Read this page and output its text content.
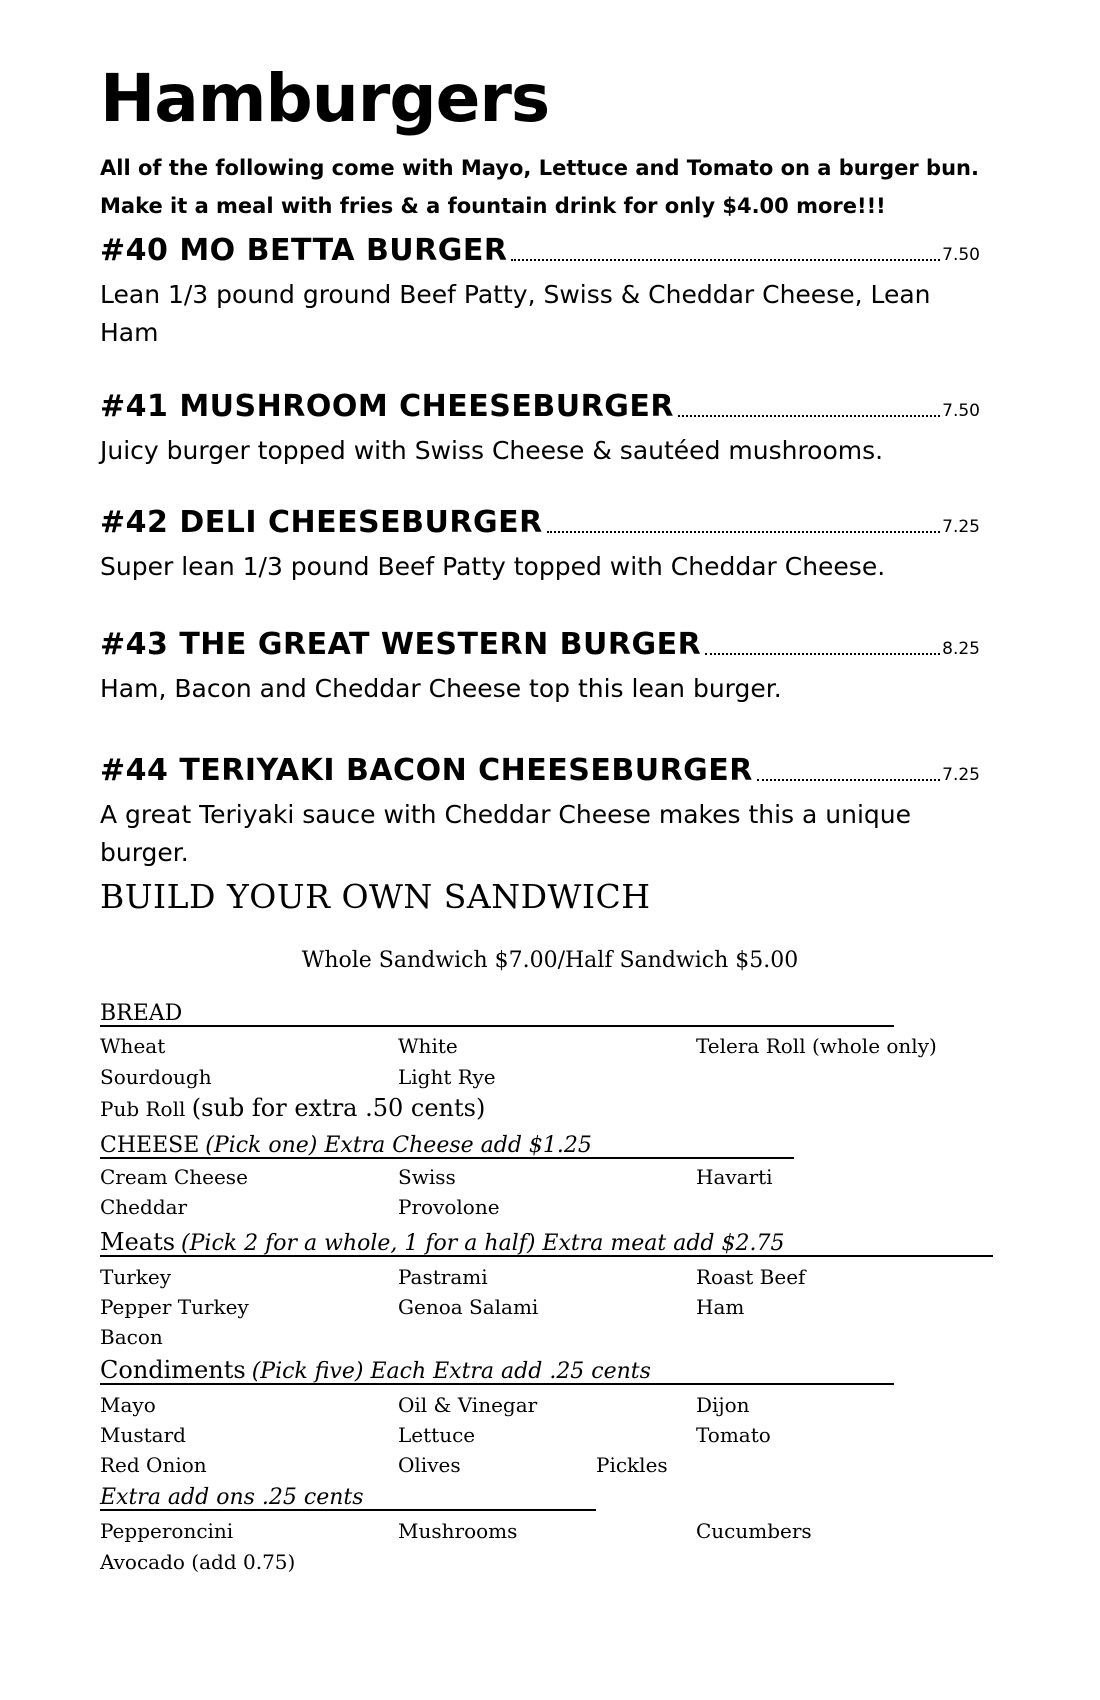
Hamburgers
All of the following come with Mayo, Lettuce and Tomato on a burger bun.
Make it a meal with fries & a fountain drink for only $4.00 more!!!
#40 MO BETTA BURGER	7.50
Lean 1/3 pound ground Beef Patty, Swiss & Cheddar Cheese, Lean Ham
#41 MUSHROOM CHEESEBURGER	7.50
Juicy burger topped with Swiss Cheese & sautéed mushrooms.
#42 DELI CHEESEBURGER	7.25
Super lean 1/3 pound Beef Patty topped with Cheddar Cheese.
#43 THE GREAT WESTERN BURGER	8.25
Ham, Bacon and Cheddar Cheese top this lean burger.
#44 TERIYAKI BACON CHEESEBURGER	7.25
A great Teriyaki sauce with Cheddar Cheese makes this a unique burger.
BUILD YOUR OWN SANDWICH
Whole Sandwich $7.00/Half Sandwich $5.00
BREAD
Wheat	White	Telera Roll (whole only)
Sourdough	Light Rye
Pub Roll (sub for extra .50 cents)
CHEESE (Pick one) Extra Cheese add $1.25
Cream Cheese	Swiss	Havarti
Cheddar	Provolone
Meats (Pick 2 for a whole, 1 for a half) Extra meat add $2.75
Turkey	Pastrami	Roast Beef
Pepper Turkey	Genoa Salami	Ham
Bacon
Condiments (Pick five) Each Extra add .25 cents
Mayo	Oil & Vinegar	Dijon
Mustard	Lettuce	Tomato
Red Onion	Olives	Pickles
Extra add ons .25 cents
Pepperoncini	Mushrooms	Cucumbers
Avocado (add 0.75)
